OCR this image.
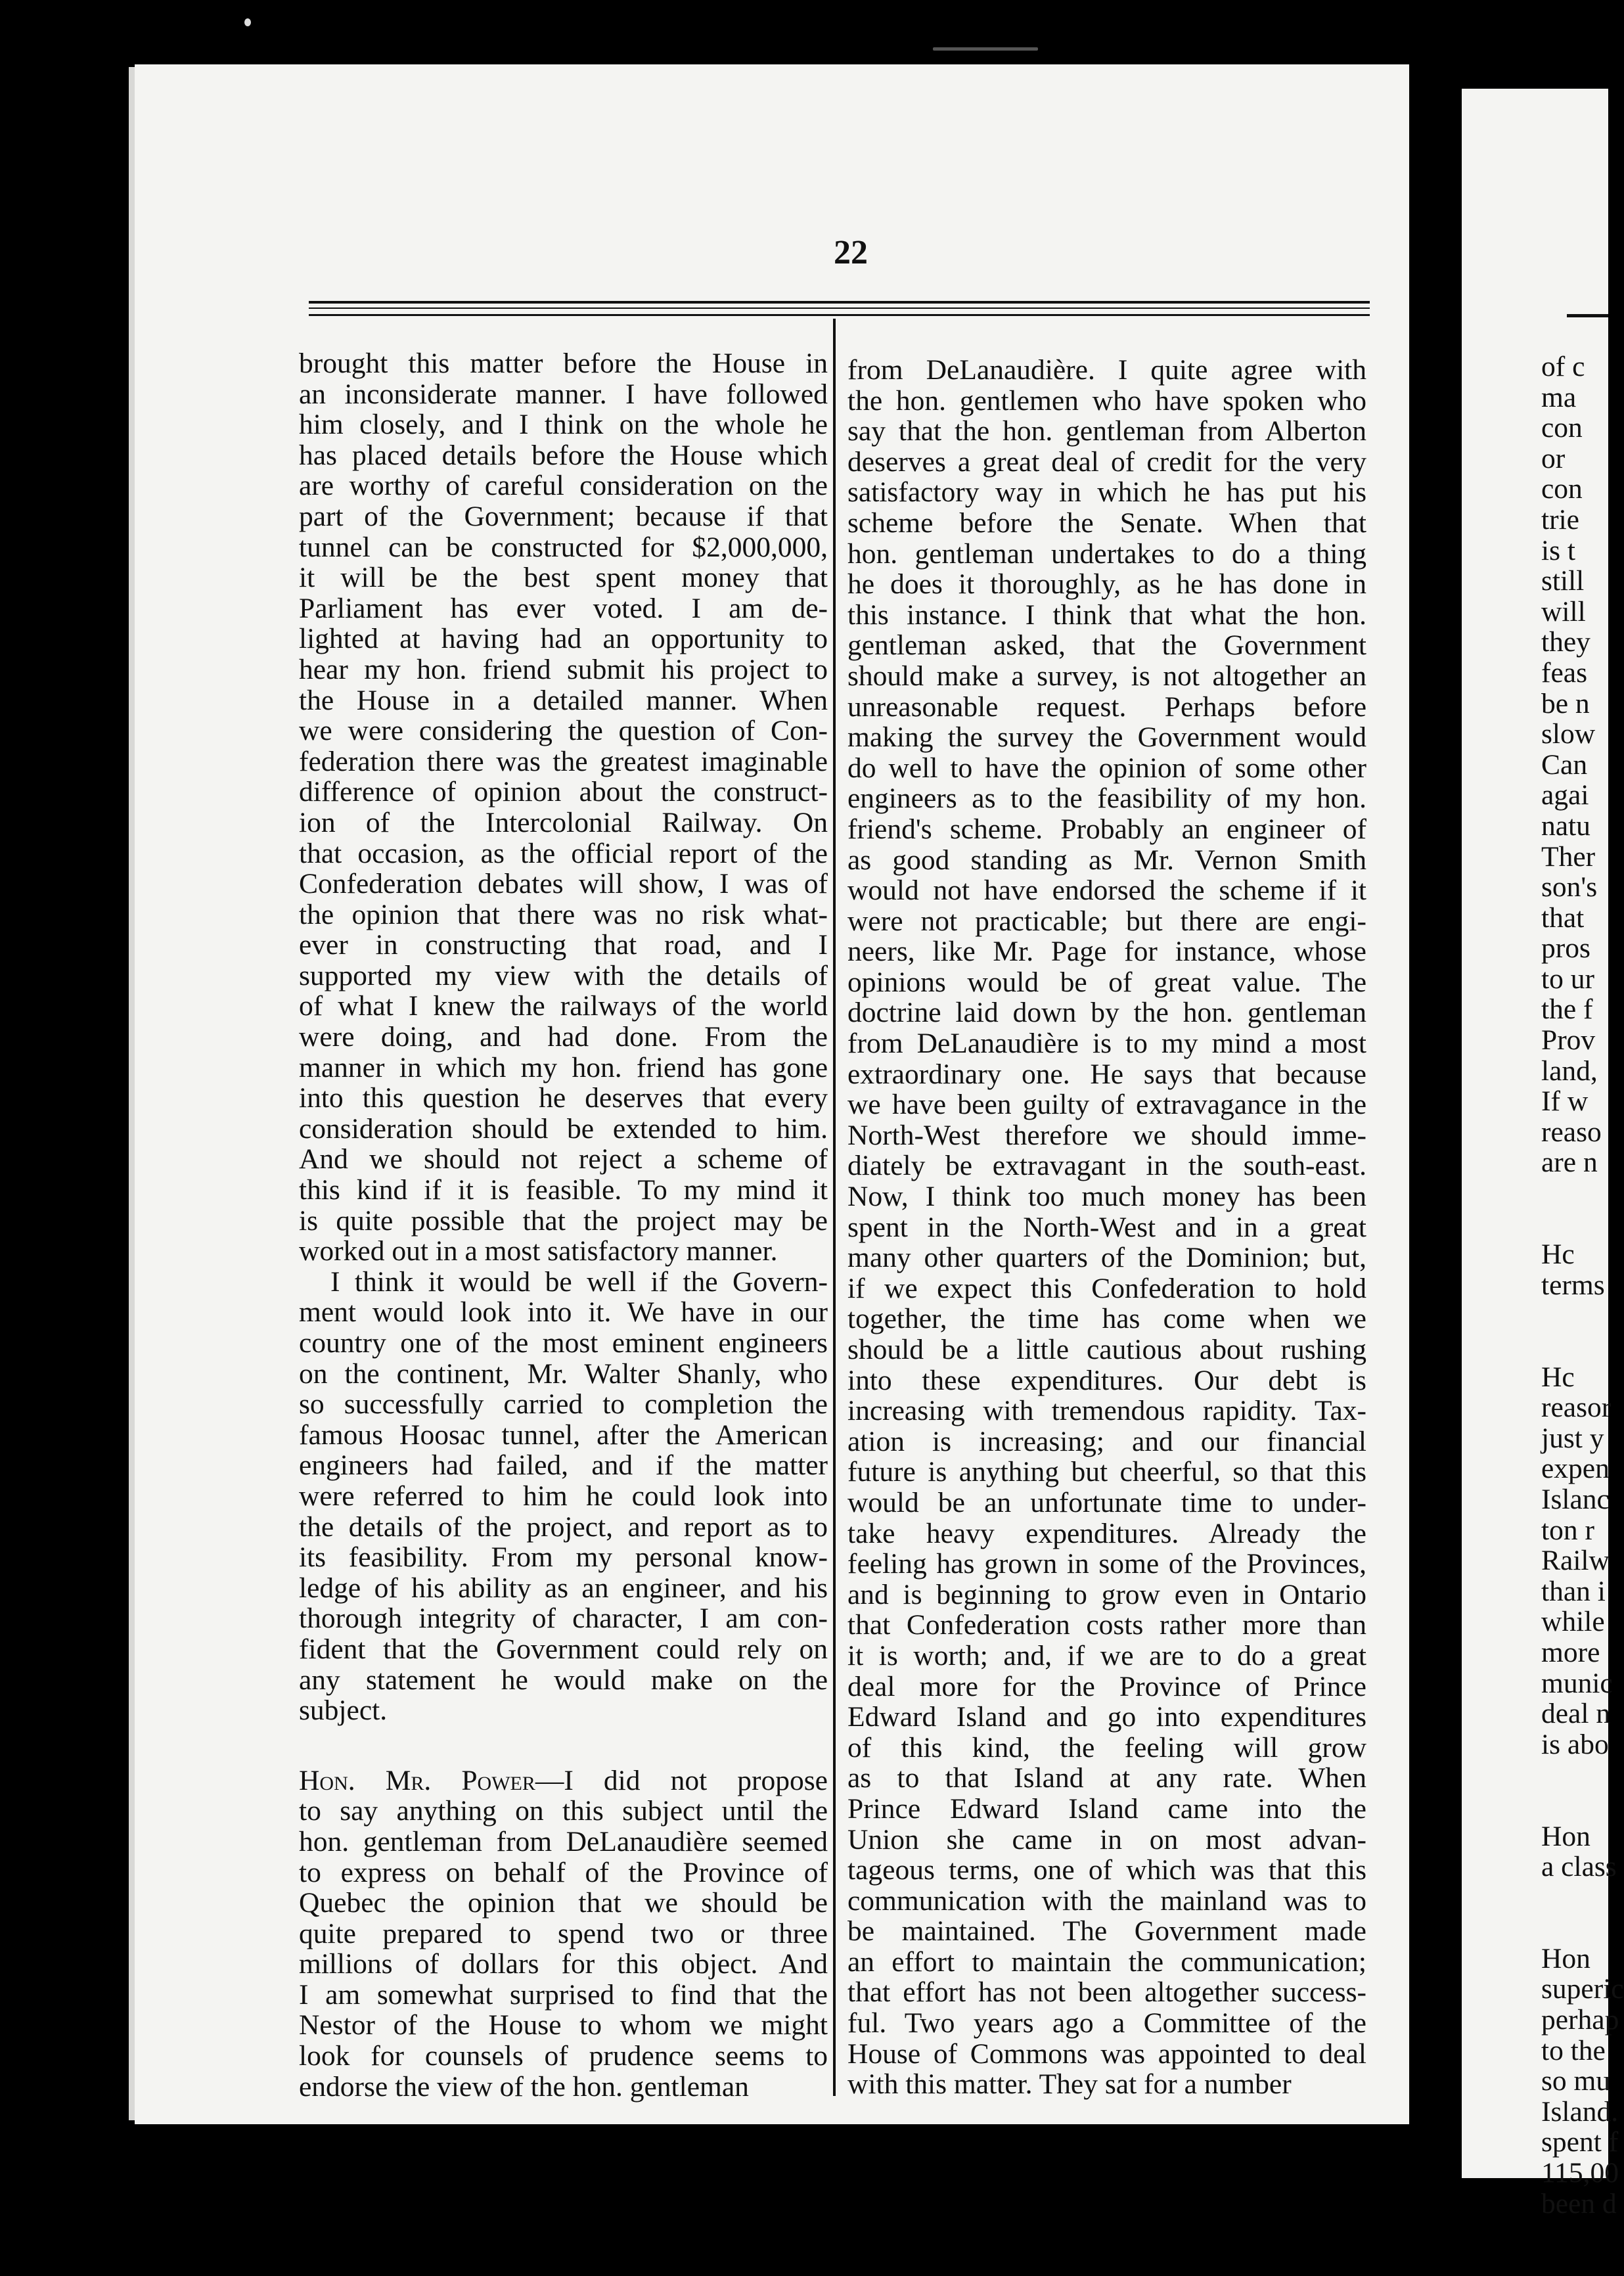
22
brought this matter before the House in
an inconsiderate manner. I have followed
him closely, and I think on the whole he
has placed details before the House which
are worthy of careful consideration on the
part of the Government; because if that
tunnel can be constructed for $2,000,000,
it will be the best spent money that
Parliament has ever voted. I am de-
lighted at having had an opportunity to
hear my hon. friend submit his project to
the House in a detailed manner. When
we were considering the question of Con-
federation there was the greatest imaginable
difference of opinion about the construct-
ion of the Intercolonial Railway. On
that occasion, as the official report of the
Confederation debates will show, I was of
the opinion that there was no risk what-
ever in constructing that road, and I
supported my view with the details of
of what I knew the railways of the world
were doing, and had done. From the
manner in which my hon. friend has gone
into this question he deserves that every
consideration should be extended to him.
And we should not reject a scheme of
this kind if it is feasible. To my mind it
is quite possible that the project may be
worked out in a most satisfactory manner.
I think it would be well if the Govern-
ment would look into it. We have in our
country one of the most eminent engineers
on the continent, Mr. Walter Shanly, who
so successfully carried to completion the
famous Hoosac tunnel, after the American
engineers had failed, and if the matter
were referred to him he could look into
the details of the project, and report as to
its feasibility. From my personal know-
ledge of his ability as an engineer, and his
thorough integrity of character, I am con-
fident that the Government could rely on
any statement he would make on the
subject.
Hon. Mr. Power—I did not propose
to say anything on this subject until the
hon. gentleman from DeLanaudière seemed
to express on behalf of the Province of
Quebec the opinion that we should be
quite prepared to spend two or three
millions of dollars for this object. And
I am somewhat surprised to find that the
Nestor of the House to whom we might
look for counsels of prudence seems to
endorse the view of the hon. gentleman
from DeLanaudière. I quite agree with
the hon. gentlemen who have spoken who
say that the hon. gentleman from Alberton
deserves a great deal of credit for the very
satisfactory way in which he has put his
scheme before the Senate. When that
hon. gentleman undertakes to do a thing
he does it thoroughly, as he has done in
this instance. I think that what the hon.
gentleman asked, that the Government
should make a survey, is not altogether an
unreasonable request. Perhaps before
making the survey the Government would
do well to have the opinion of some other
engineers as to the feasibility of my hon.
friend's scheme. Probably an engineer of
as good standing as Mr. Vernon Smith
would not have endorsed the scheme if it
were not practicable; but there are engi-
neers, like Mr. Page for instance, whose
opinions would be of great value. The
doctrine laid down by the hon. gentleman
from DeLanaudière is to my mind a most
extraordinary one. He says that because
we have been guilty of extravagance in the
North-West therefore we should imme-
diately be extravagant in the south-east.
Now, I think too much money has been
spent in the North-West and in a great
many other quarters of the Dominion; but,
if we expect this Confederation to hold
together, the time has come when we
should be a little cautious about rushing
into these expenditures. Our debt is
increasing with tremendous rapidity. Tax-
ation is increasing; and our financial
future is anything but cheerful, so that this
would be an unfortunate time to under-
take heavy expenditures. Already the
feeling has grown in some of the Provinces,
and is beginning to grow even in Ontario
that Confederation costs rather more than
it is worth; and, if we are to do a great
deal more for the Province of Prince
Edward Island and go into expenditures
of this kind, the feeling will grow
as to that Island at any rate. When
Prince Edward Island came into the
Union she came in on most advan-
tageous terms, one of which was that this
communication with the mainland was to
be maintained. The Government made
an effort to maintain the communication;
that effort has not been altogether success-
ful. Two years ago a Committee of the
House of Commons was appointed to deal
with this matter. They sat for a number
of c
ma
con
or
con
trie
is t
still
will
they
feas
be n
slow
Can
agai
natu
Ther
son's
that
pros
to ur
the f
Prov
land,
If w
reaso
are n

Hc
terms

Hc
reasor
just y
expen
Islanc
ton r
Railw
than i
while
more
munic
deal n
is abo

Hon
a class

Hon
superic
perhap
to the
so mu
Island.
spent f
115,00
been d
